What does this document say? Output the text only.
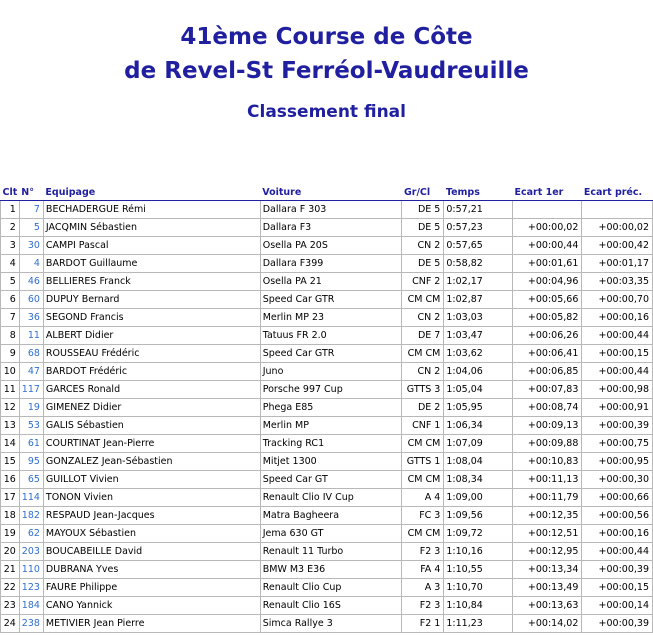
41ème Course de Côte
de Revel-St Ferréol-Vaudreuille
Classement final
Clt	N°	Equipage	Voiture	Gr/Cl	Temps	Ecart 1er	Ecart préc.
1	7	BECHADERGUE Rémi	Dallara F 303	DE 5	0:57,21		
2	5	JACQMIN Sébastien	Dallara F3	DE 5	0:57,23	+00:00,02	+00:00,02
3	30	CAMPI Pascal	Osella PA 20S	CN 2	0:57,65	+00:00,44	+00:00,42
4	4	BARDOT Guillaume	Dallara F399	DE 5	0:58,82	+00:01,61	+00:01,17
5	46	BELLIERES Franck	Osella PA 21	CNF 2	1:02,17	+00:04,96	+00:03,35
6	60	DUPUY Bernard	Speed Car GTR	CM CM	1:02,87	+00:05,66	+00:00,70
7	36	SEGOND Francis	Merlin MP 23	CN 2	1:03,03	+00:05,82	+00:00,16
8	11	ALBERT Didier	Tatuus FR 2.0	DE 7	1:03,47	+00:06,26	+00:00,44
9	68	ROUSSEAU Frédéric	Speed Car GTR	CM CM	1:03,62	+00:06,41	+00:00,15
10	47	BARDOT Frédéric	Juno	CN 2	1:04,06	+00:06,85	+00:00,44
11	117	GARCES Ronald	Porsche 997 Cup	GTTS 3	1:05,04	+00:07,83	+00:00,98
12	19	GIMENEZ Didier	Phega E85	DE 2	1:05,95	+00:08,74	+00:00,91
13	53	GALIS Sébastien	Merlin MP	CNF 1	1:06,34	+00:09,13	+00:00,39
14	61	COURTINAT Jean-Pierre	Tracking RC1	CM CM	1:07,09	+00:09,88	+00:00,75
15	95	GONZALEZ Jean-Sébastien	Mitjet 1300	GTTS 1	1:08,04	+00:10,83	+00:00,95
16	65	GUILLOT Vivien	Speed Car GT	CM CM	1:08,34	+00:11,13	+00:00,30
17	114	TONON Vivien	Renault Clio IV Cup	A 4	1:09,00	+00:11,79	+00:00,66
18	182	RESPAUD Jean-Jacques	Matra Bagheera	FC 3	1:09,56	+00:12,35	+00:00,56
19	62	MAYOUX Sébastien	Jema 630 GT	CM CM	1:09,72	+00:12,51	+00:00,16
20	203	BOUCABEILLE David	Renault 11 Turbo	F2 3	1:10,16	+00:12,95	+00:00,44
21	110	DUBRANA Yves	BMW M3 E36	FA 4	1:10,55	+00:13,34	+00:00,39
22	123	FAURE Philippe	Renault Clio Cup	A 3	1:10,70	+00:13,49	+00:00,15
23	184	CANO Yannick	Renault Clio 16S	F2 3	1:10,84	+00:13,63	+00:00,14
24	238	METIVIER Jean Pierre	Simca Rallye 3	F2 1	1:11,23	+00:14,02	+00:00,39
